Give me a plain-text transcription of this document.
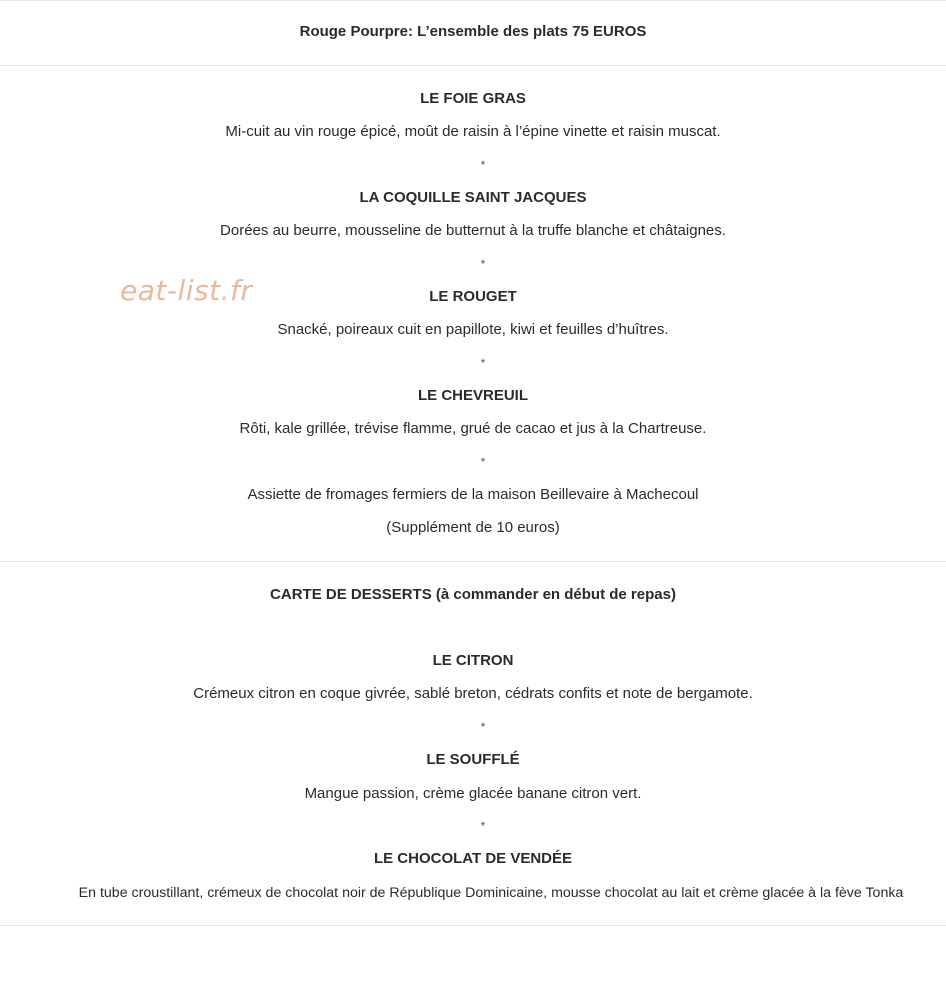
Rouge Pourpre: L’ensemble des plats 75 EUROS
LE FOIE GRAS
Mi-cuit au vin rouge épicé, moût de raisin à l’épine vinette et raisin muscat.
*
LA COQUILLE SAINT JACQUES
Dorées au beurre, mousseline de butternut à la truffe blanche et châtaignes.
*
LE ROUGET
Snacké, poireaux cuit en papillote, kiwi et feuilles d’huîtres.
*
LE CHEVREUIL
Rôti, kale grillée, trévise flamme, grué de cacao et jus à la Chartreuse.
*
Assiette de fromages fermiers de la maison Beillevaire à Machecoul
(Supplément de 10 euros)
CARTE DE DESSERTS (à commander en début de repas)
LE CITRON
Crémeux citron en coque givrée, sablé breton, cédrats confits et note de bergamote.
*
LE SOUFFLÉ
Mangue passion, crème glacée banane citron vert.
*
LE CHOCOLAT DE VENDÉE
En tube croustillant, crémeux de chocolat noir de République Dominicaine, mousse chocolat au lait et crème glacée à la fève Tonka
eat-list.fr
